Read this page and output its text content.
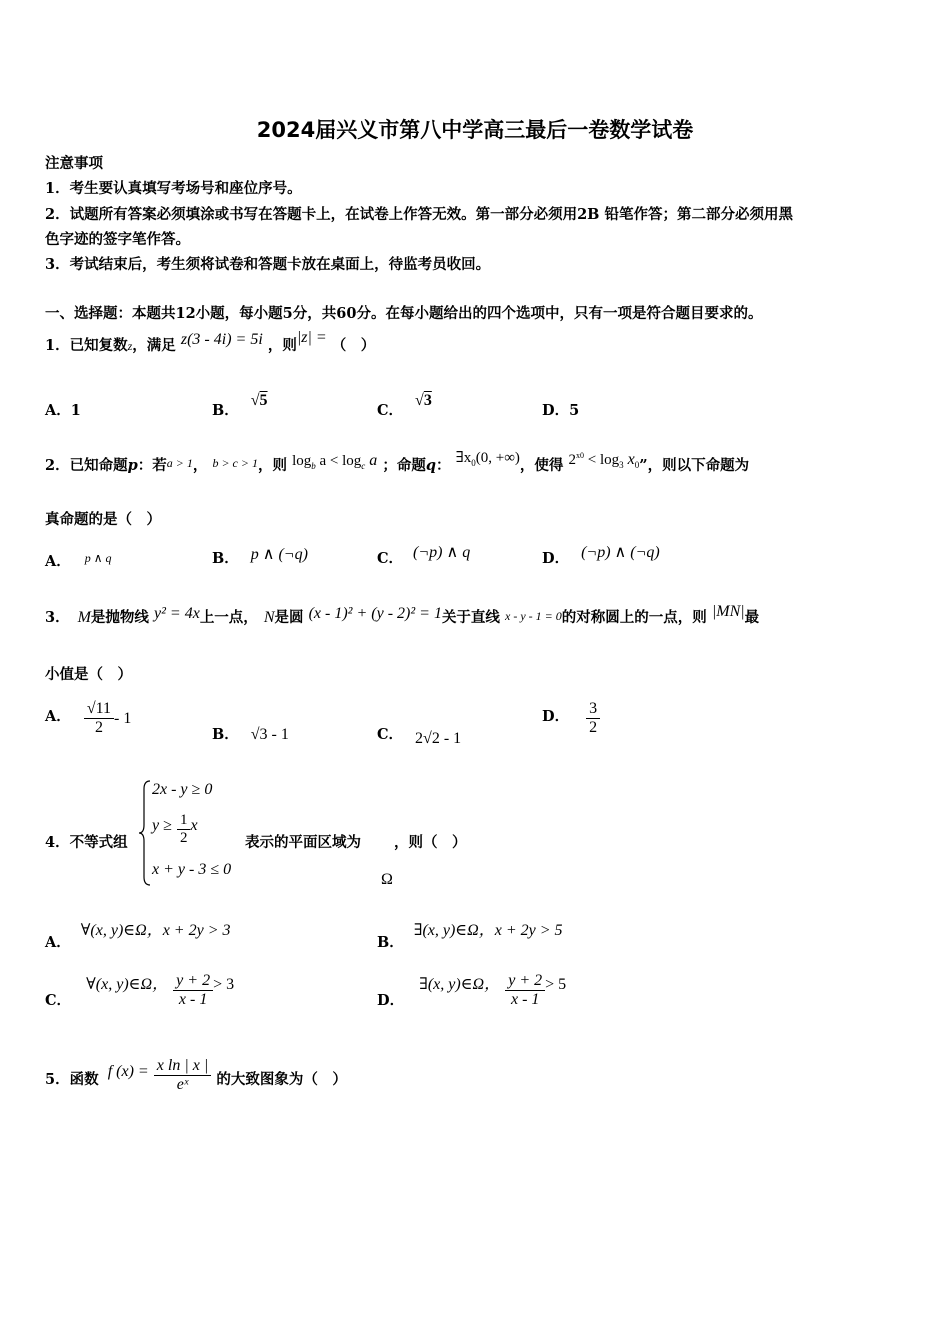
2024届兴义市第八中学高三最后一卷数学试卷
注意事项
1．考生要认真填写考场号和座位序号。
2．试题所有答案必须填涂或书写在答题卡上，在试卷上作答无效。第一部分必须用2B 铅笔作答；第二部分必须用黑
色字迹的签字笔作答。
3．考试结束后，考生须将试卷和答题卡放在桌面上，待监考员收回。
一、选择题：本题共12小题，每小题5分，共60分。在每小题给出的四个选项中，只有一项是符合题目要求的。
1．已知复数z，满足 z(3 - 4i) = 5i ，则|z| = （　）
A．1	B．√5
C．√3
D．5
2．已知命题p：若a > 1， b > c > 1，则 $\log_b a < \log_c a$ ；命题q： $\exists x_0(0$, +∞)，使得 $2^{x0} < \log_3 x_0$”，则以下命题为
真命题的是（　）
A． $^{p \wedge q}$	B． p ∧ (¬q)	C． (¬p) ∧ q	D． (¬p) ∧ (¬q)
3． M是抛物线 y² = 4x上一点， N是圆 (x - 1)² + (y - 2)² = 1关于直线 x - y - 1 = 0的对称圆上的一点，则 |MN|最
小值是（　）
A． $\frac{√11}{2} - 1$
B． √3 - 1	C． 2√2 - 1
D． $\frac{3}{2}$
4．不等式组
2x - y ≥ 0
$y \ge \frac{1}{2}$ x
x + y - 3 ≤ 0
表示的平面区域为 ，则（　）
Ω
A．∀(x, y)∈Ω，x + 2y > 3
B．∃(x, y)∈Ω，x + 2y > 5
C． ∀(x, y)∈Ω， $\frac{y + 2}{x - 1} > 3$
D． ∃(x, y)∈Ω， $\frac{y + 2}{x - 1} > 5$
5．函数 f $(x) = \frac{\text{x ln | x |}}{\text{eˣ}}$ 的大致图象为（　）
